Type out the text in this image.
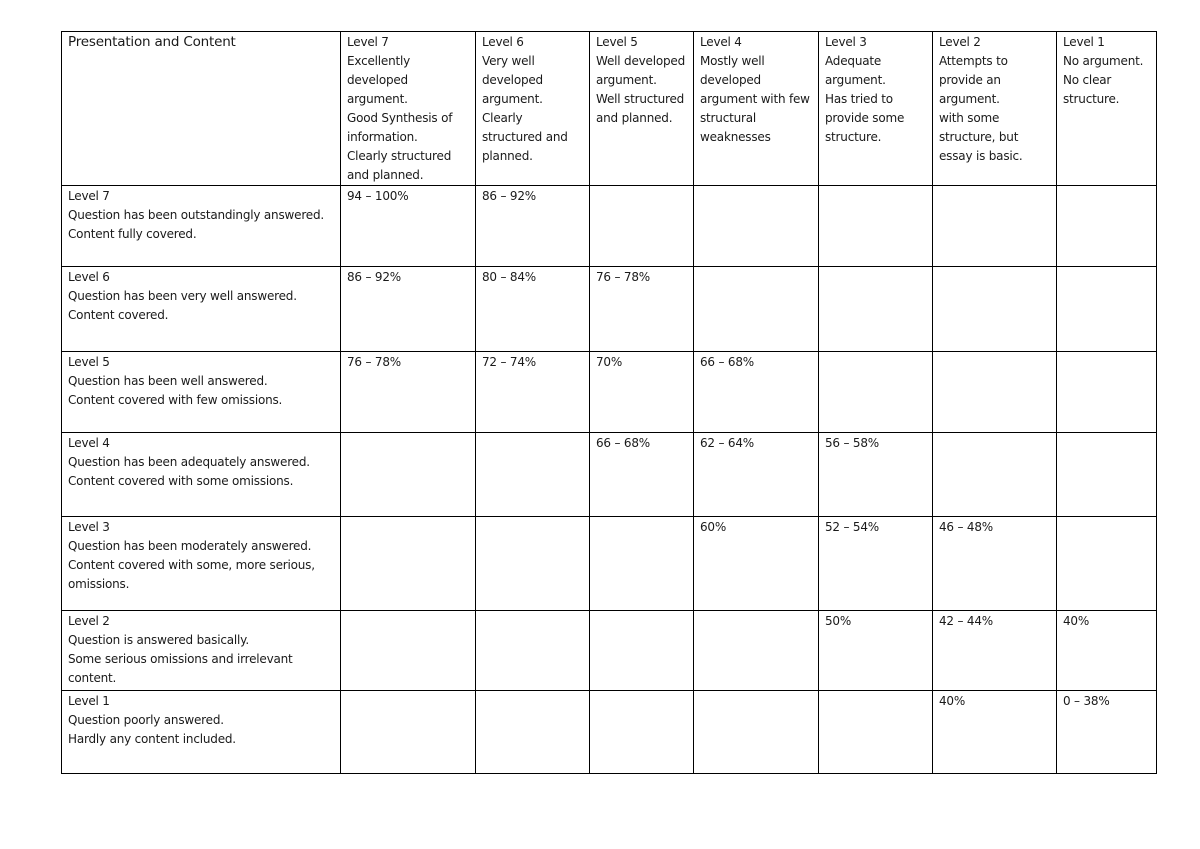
Presentation and Content	Level 7
Excellently developed argument.
Good Synthesis of information.
Clearly structured and planned.	Level 6
Very well developed argument.
Clearly structured and planned.	Level 5
Well developed argument.
Well structured and planned.	Level 4
Mostly well developed argument with few structural weaknesses	Level 3
Adequate argument.
Has tried to provide some structure.	Level 2
Attempts to provide an argument.
with some structure, but essay is basic.	Level 1
No argument.
No clear structure.
Level 7
Question has been outstandingly answered.
Content fully covered.	94 – 100%	86 – 92%					
Level 6
Question has been very well answered.
Content covered.	86 – 92%	80 – 84%	76 – 78%				
Level 5
Question has been well answered.
Content covered with few omissions.	76 – 78%	72 – 74%	70%	66 – 68%			
Level 4
Question has been adequately answered.
Content covered with some omissions.			66 – 68%	62 – 64%	56 – 58%		
Level 3
Question has been moderately answered.
Content covered with some, more serious, omissions.				60%	52 – 54%	46 – 48%	
Level 2
Question is answered basically.
Some serious omissions and irrelevant content.					50%	42 – 44%	40%
Level 1
Question poorly answered.
Hardly any content included.						40%	0 – 38%
